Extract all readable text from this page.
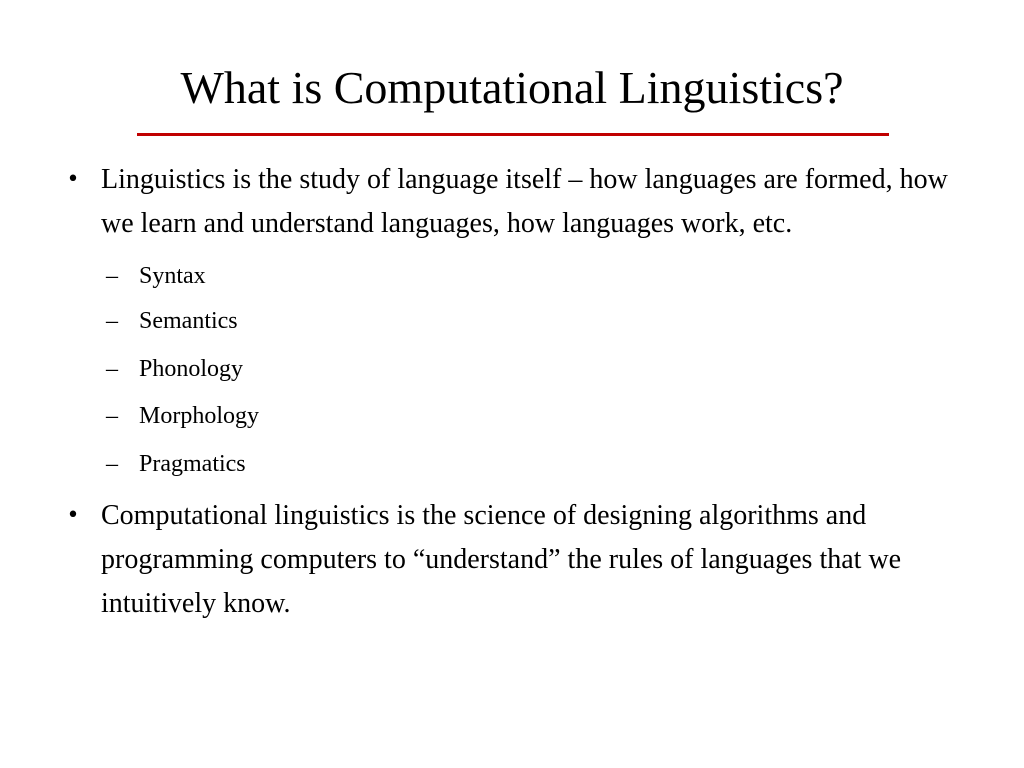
What is Computational Linguistics?
• Linguistics is the study of language itself – how languages are formed, how we learn and understand languages, how languages work, etc.
– Syntax
– Semantics
– Phonology
– Morphology
– Pragmatics
• Computational linguistics is the science of designing algorithms and programming computers to “understand” the rules of languages that we intuitively know.
